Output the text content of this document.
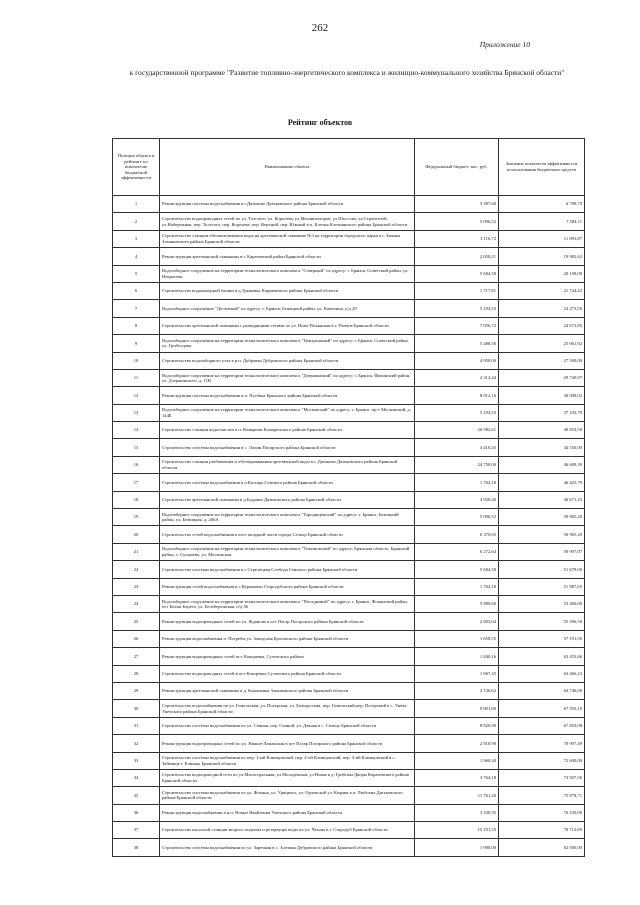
262
Приложение 10
к государственной программе "Развитие топливно-энергетического комплекса и жилищно-коммунального хозяйства Брянской области"
Рейтинг объектов
Позиция объекта в рейтинге по показателю бюджетной эффективности	Наименование объекта	Федеральный бюджет, тыс. руб.	Значение показателя эффективности использования бюджетных средств
1	Реконструкция системы водоснабжения в г.Дятьково Дятьковского района Брянской области	3 387,60	6 788,79
2	Строительство водопроводных сетей по ул. Толстого, ул. Королева, ул.Механизаторов, ул.Шоссова, ул.Строителей, ул.Набережная, пер. Толстого, пер. Королева, пер. Верхний, пер. Южный в п. Клетня Клетнянского района Брянской области	5 096,52	7 584,11
3	Строительство станции обезжелезивания воды на артезианской скважине №3 на территории городского парка в г. Злынка Злынковского района Брянской области	3 116,72	11 893,87
4	Реконструкция артезианской скважины в г. Карачевский район Брянской области	2 058,21	19 982,62
5	Водозаборное сооружение на территории технологического комплекса "Северный" по адресу: г. Брянск, Советский район, ул. Некрасова	5 684,58	20 158,09
6	Строительство водонапорной башни в д.Трыковка Карачевского района Брянской области	1 717,81	21 744,43
7	Водозаборное сооружение "Десенский" по адресу: г. Брянск, Бежицкий район, ул. Камозина, о/д 29	5 194,53	24 273,50
8	Строительство артезианской скважины с разводящими сетями по ул. Ново-Полянская в г. Почепе Брянской области	7 056,72	24 673,85
9	Водозаборное сооружение на территории технологического комплекса "Центральный" по адресу: г. Брянск, Советский район, ул. Грибоедова	5 488,56	25 061,92
10	Строительство водозаборного узла в р.п. Дубровка Дубровского района Брянской области	4 950,00	27 500,00
11	Водозаборное сооружение на территории технологического комплекса "Дзержинский" по адресу: г. Брянск, Фокинский район, ул. Дзержинского, д. 11В	4 312,44	29 740,97
12	Реконструкция системы водоснабжения в п. Путёвка Брянского района Брянской области	8 012,16	30 008,02
13	Водозаборное сооружение на территории технологического комплекса "Московский" по адресу: г. Брянск, пр-т Московский, д. 144Б	5 194,53	37 103,79
14	Строительство станции водоочистки в п. Комаричи Комаричского района Брянской области	26 982,61	40 833,50
15	Строительство системы водоснабжения в с. Лопин Погарского района Брянской области	4 410,45	44 550,00
16	Строительство станции разбавления и обеззараживания артезианской воды в г. Дятьково Дятьковского района Брянской области	24 750,00	46 689,39
17	Строительство системы водоснабжения в п.Косицы Севского района Брянской области	1 764,18	46 425,79
18	Строительство артезианской скважины в д.Будочки Дятьковского района Брянской области	3 920,40	46 671,43
19	Водозаборное сооружение на территории технологического комплекса "Городищенский" по адресу: г. Брянск, Бежицкий район, ул. Бежицкая, д. 266А	5 096,52	50 965,20
20	Строительство сетей водоснабжения в юго-западной части города Сельцо Брянской области	6 370,65	50 965,20
21	Водозаборное сооружение на территории технологического комплекса "Тимоновский" по адресу: Брянская область, Брянский район, с. Супонево, ул. Московская	6 272,64	50 997,07
22	Строительство системы водоснабжения в с.Стрелецкая Слобода Севского района Брянской области	5 684,58	51 678,00
23	Реконструкция сетей водоснабжения в с.Курковичи Стародубского района Брянской области	1 764,18	51 887,65
24	Водозаборное сооружение на территории технологического комплекса "Посадковый" по адресу: г. Брянск, Фокинский район, пгт Белые Берега, ул. Белобережская, о/д 36	5 880,60	53 460,00
25	Реконструкция водопроводных сетей по ул. Жданова в пгт Погар Погарского района Брянской области	2 603,64	55 396,50
26	Реконструкция водоснабжения п. Погребы ул. Заводская Брасовского района Брянской области	1 658,55	57 191,50
27	Реконструкция водопроводных сетей пгт. Кокоревка, Суземского района	1 840,16	63 453,66
28	Строительство водопроводных сетей в пгт Кокоревка Суземского района Брянской области	1 967,45	63 466,23
29	Реконструкция артезианской скважины в д. Кожановка Злынковского района Брянской области	2 136,62	64 746,00
30	Строительство водоснабжения по ул. Гомельская, ул. Погарская, ул. Белорусская, пер. Гомельский,пер. Погарский в с. Унеча Унечского района Брянской области	9 801,00	67 593,10
31	Строительство системы водоснабжения по ул. Сенная, пер. Сенной, ул. Дачная в с. Сельцо Брянской области	8 820,90	67 853,08
32	Реконструкция водопроводных сетей по ул. Нижне-Ламанская в пгт Погар Погарского района Брянской области	2 910,90	70 997,49
33	Строительство системы водоснабжения по пер. 1-ый Клинцовский, пер. 2-ой Клинцовский, пер. 3-ий Клинцовский в с. Займище г. Клинцы Брянской области	1 960,20	72 600,00
34	Строительство водопроводной сети по ул.Магистральная, ул.Молодёжная, ул.Новая в д. Грибовы Дворы Карачевского района Брянской области	3 764,18	73 507,50
35	Строительство системы водоснабжения по ул. Фокина, ул. Урицкого, ул. Орловской ул. Кирова в п. Любохна Дятьковского района Брянской области	11 761,20	75 878,71
36	Реконструкция водоснабжения в н.п. Новые Ивайтенки Унечского района Брянской области	3 430,35	76 230,00
37	Строительство насосной станции второго подъема и резервуара воды по ул. Чехова в г. Стародуб Брянской области	15 191,55	78 712,69
38	Строительство системы водоснабжения по ул. Заречная в с. Алешня Дубровского района Брянской области	1 980,00	82 500,00
